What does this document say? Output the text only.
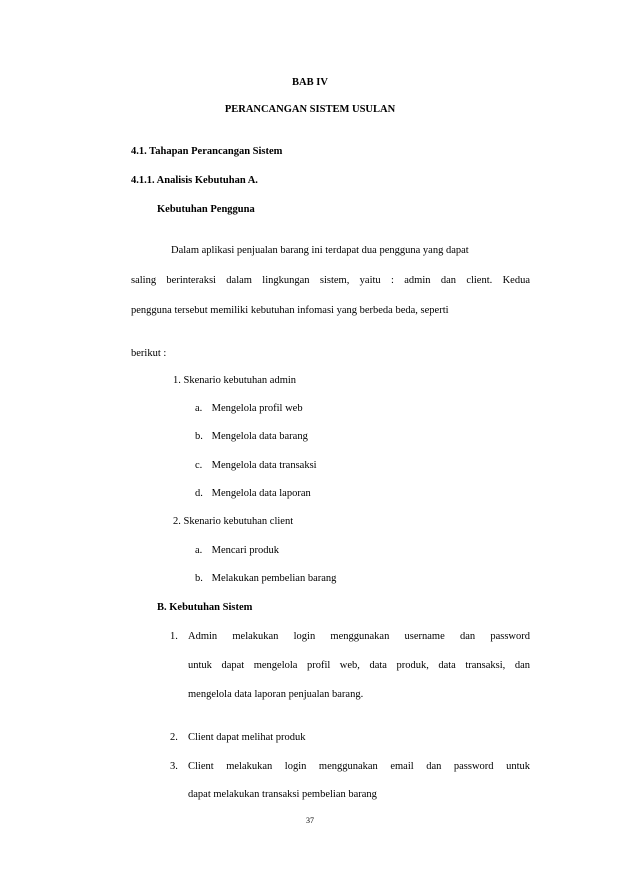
BAB IV
PERANCANGAN SISTEM USULAN
4.1. Tahapan Perancangan Sistem
4.1.1. Analisis Kebutuhan A.
Kebutuhan Pengguna
Dalam aplikasi penjualan barang ini terdapat dua pengguna yang dapat
saling berinteraksi dalam lingkungan sistem, yaitu : admin dan client. Kedua
pengguna tersebut memiliki kebutuhan infomasi yang berbeda beda, seperti
berikut :
1. Skenario kebutuhan admin
a. Mengelola profil web
b. Mengelola data barang
c. Mengelola data transaksi
d. Mengelola data laporan
2. Skenario kebutuhan client
a. Mencari produk
b. Melakukan pembelian barang
B. Kebutuhan Sistem
1. Admin melakukan login menggunakan username dan password
untuk dapat mengelola profil web, data produk, data transaksi, dan
mengelola data laporan penjualan barang.
2. Client dapat melihat produk
3. Client melakukan login menggunakan email dan password untuk
dapat melakukan transaksi pembelian barang
37
